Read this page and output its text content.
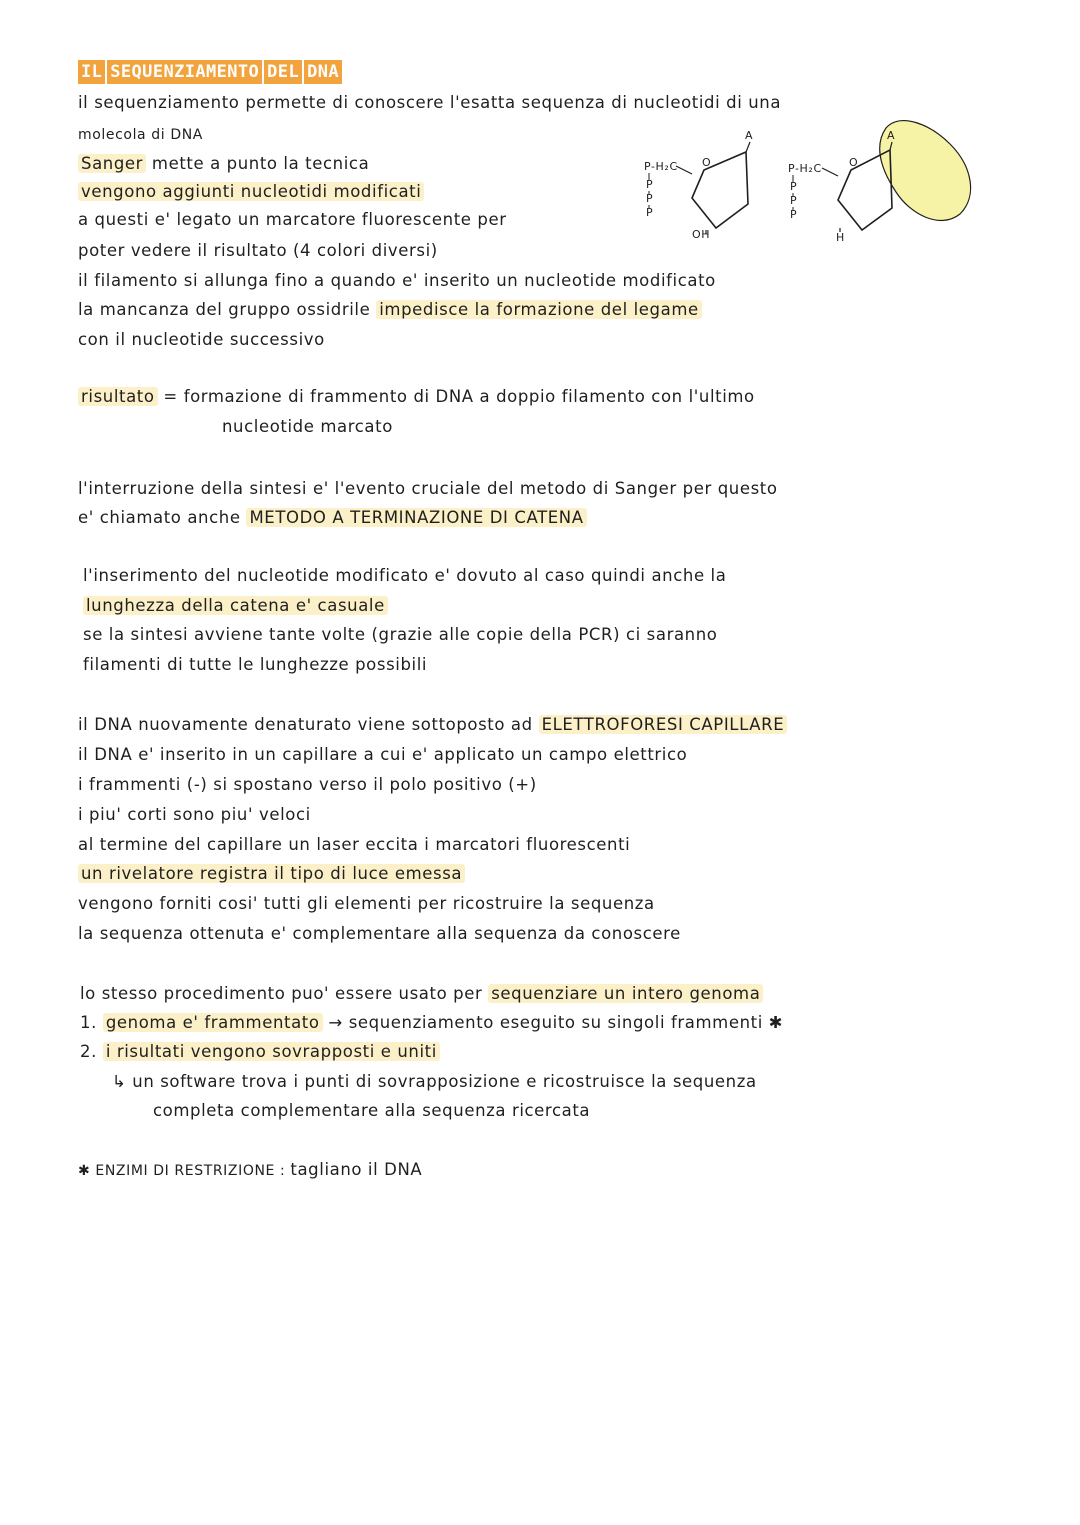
IL SEQUENZIAMENTO DEL DNA
il sequenziamento permette di conoscere l'esatta sequenza di nucleotidi di una
molecola di DNA
Sanger mette a punto la tecnica
vengono aggiunti nucleotidi modificati
a questi e' legato un marcatore fluorescente per
poter vedere il risultato (4 colori diversi)
il filamento si allunga fino a quando e' inserito un nucleotide modificato
la mancanza del gruppo ossidrile impedisce la formazione del legame
con il nucleotide successivo
A
O
P-H₂C
P
P
P
OH
A
O
P-H₂C
P
P
P
H
risultato = formazione di frammento di DNA a doppio filamento con l'ultimo
nucleotide marcato
l'interruzione della sintesi e' l'evento cruciale del metodo di Sanger per questo
e' chiamato anche METODO A TERMINAZIONE DI CATENA
l'inserimento del nucleotide modificato e' dovuto al caso quindi anche la
lunghezza della catena e' casuale
se la sintesi avviene tante volte (grazie alle copie della PCR) ci saranno
filamenti di tutte le lunghezze possibili
il DNA nuovamente denaturato viene sottoposto ad ELETTROFORESI CAPILLARE
il DNA e' inserito in un capillare a cui e' applicato un campo elettrico
i frammenti (-) si spostano verso il polo positivo (+)
i piu' corti sono piu' veloci
al termine del capillare un laser eccita i marcatori fluorescenti
un rivelatore registra il tipo di luce emessa
vengono forniti cosi' tutti gli elementi per ricostruire la sequenza
la sequenza ottenuta e' complementare alla sequenza da conoscere
lo stesso procedimento puo' essere usato per sequenziare un intero genoma
1. genoma e' frammentato → sequenziamento eseguito su singoli frammenti ✱
2. i risultati vengono sovrapposti e uniti
↳ un software trova i punti di sovrapposizione e ricostruisce la sequenza
completa complementare alla sequenza ricercata
✱ ENZIMI DI RESTRIZIONE : tagliano il DNA
